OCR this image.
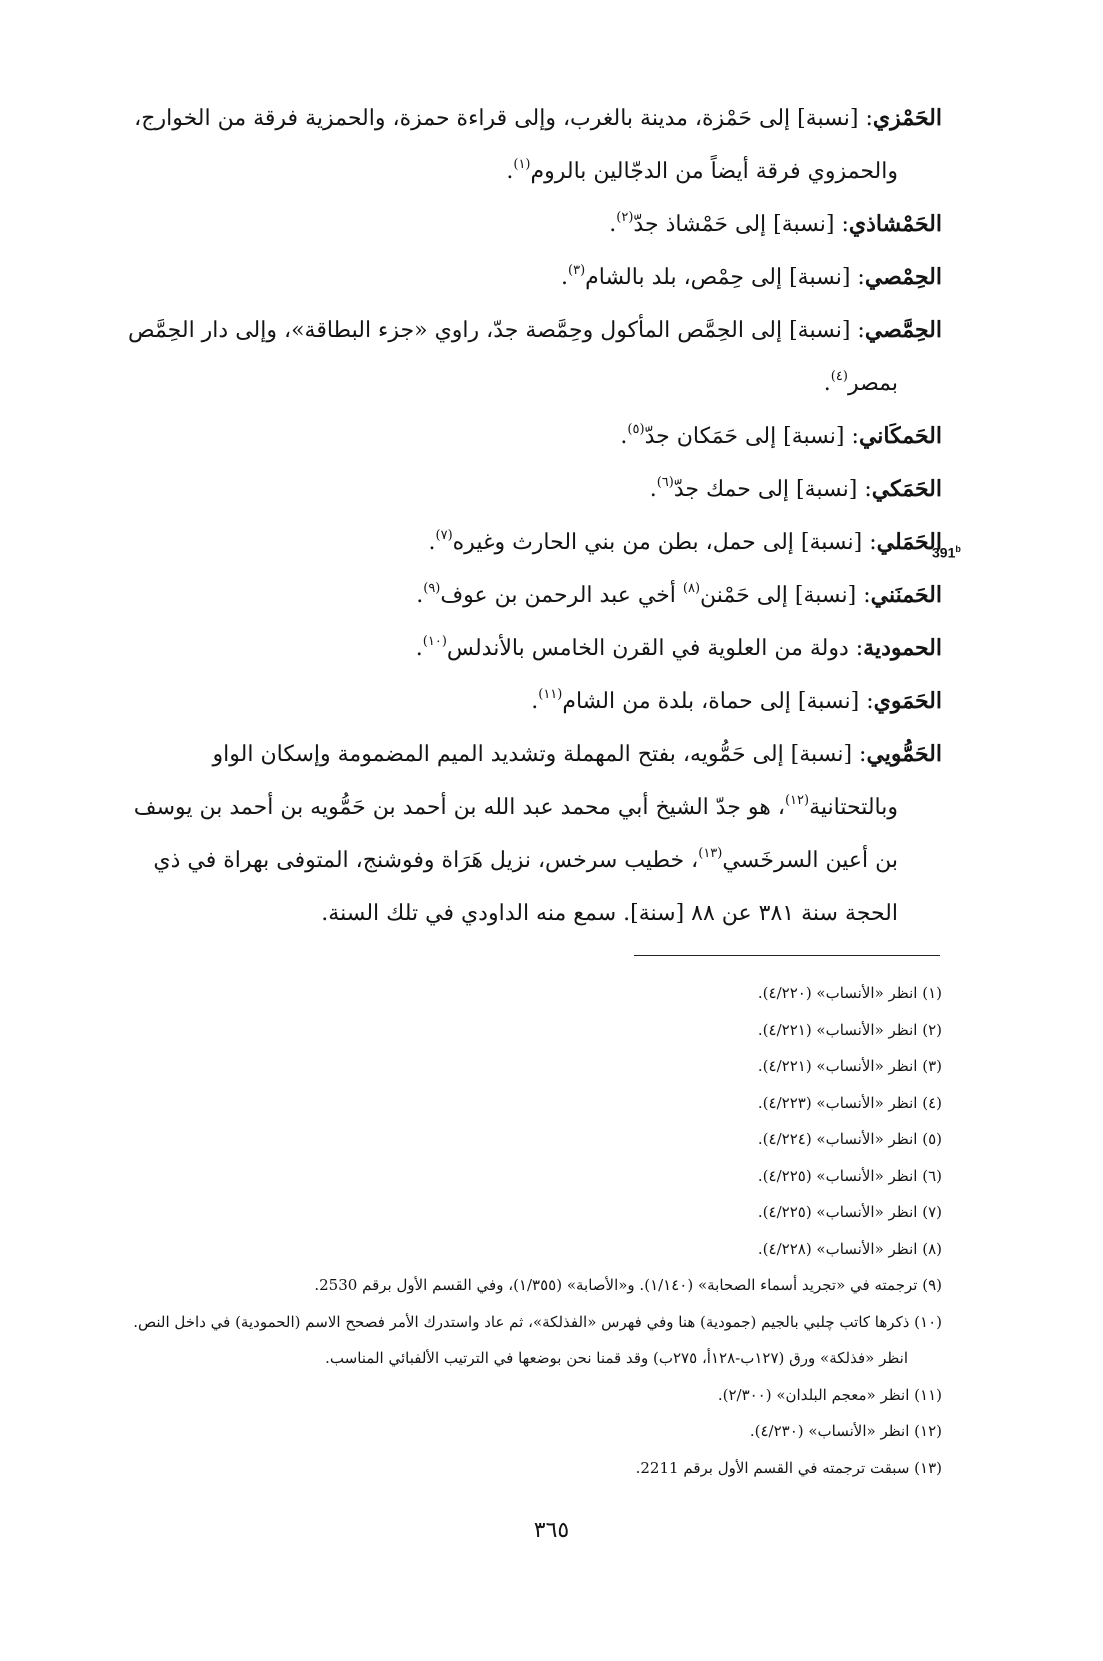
الحَمْزي: [نسبة] إلى حَمْزة، مدينة بالغرب، وإلى قراءة حمزة، والحمزية فرقة من الخوارج، والحمزوي فرقة أيضاً من الدجّالين بالروم$^{(١)}$.

الحَمْشاذي: [نسبة] إلى حَمْشاذ جدّ$^{(٢)}$.

الحِمْصي: [نسبة] إلى حِمْص، بلد بالشام$^{(٣)}$.

الحِمَّصي: [نسبة] إلى الحِمَّص المأكول وحِمَّصة جدّ، راوي «جزء البطاقة»، وإلى دار الحِمَّص بمصر$^{(٤)}$.

الحَمكَاني: [نسبة] إلى حَمَكان جدّ$^{(٥)}$.

الحَمَكي: [نسبة] إلى حمك جدّ$^{(٦)}$.

الحَمَلي: [نسبة] إلى حمل، بطن من بني الحارث وغيره$^{(٧)}$.

الحَمنَني: [نسبة] إلى حَمْنن$^{(٨)}$ أخي عبد الرحمن بن عوف$^{(٩)}$.

الحمودية: دولة من العلوية في القرن الخامس بالأندلس$^{(١٠)}$.

الحَمَوي: [نسبة] إلى حماة، بلدة من الشام$^{(١١)}$.

الحَمُّويي: [نسبة] إلى حَمُّويه، بفتح المهملة وتشديد الميم المضمومة وإسكان الواو وبالتحتانية$^{(١٢)}$، هو جدّ الشيخ أبي محمد عبد الله بن أحمد بن حَمُّويه بن أحمد بن يوسف بن أعين السرخَسي$^{(١٣)}$، خطيب سرخس، نزيل هَرَاة وفوشنج، المتوفى بهراة في ذي الحجة سنة ٣٨١ عن ٨٨ [سنة]. سمع منه الداودي في تلك السنة.

391$^b$

(١) انظر «الأنساب» (٤/٢٢٠).

(٢) انظر «الأنساب» (٤/٢٢١).

(٣) انظر «الأنساب» (٤/٢٢١).

(٤) انظر «الأنساب» (٤/٢٢٣).

(٥) انظر «الأنساب» (٤/٢٢٤).

(٦) انظر «الأنساب» (٤/٢٢٥).

(٧) انظر «الأنساب» (٤/٢٢٥).

(٨) انظر «الأنساب» (٤/٢٢٨).

(٩) ترجمته في «تجريد أسماء الصحابة» (١/١٤٠). و«الأصابة» (١/٣٥٥)، وفي القسم الأول برقم 2530.

(١٠) ذكرها كاتب چلبي بالجيم (جمودية) هنا وفي فهرس «الفذلكة»، ثم عاد واستدرك الأمر فصحح الاسم (الحمودية) في داخل النص. انظر «فذلكة» ورق (١٢٧ب-١٢٨أ، ٢٧٥ب) وقد قمنا نحن بوضعها في الترتيب الألفبائي المناسب.

(١١) انظر «معجم البلدان» (٢/٣٠٠).

(١٢) انظر «الأنساب» (٤/٢٣٠).

(١٣) سبقت ترجمته في القسم الأول برقم 2211.

٣٦٥
